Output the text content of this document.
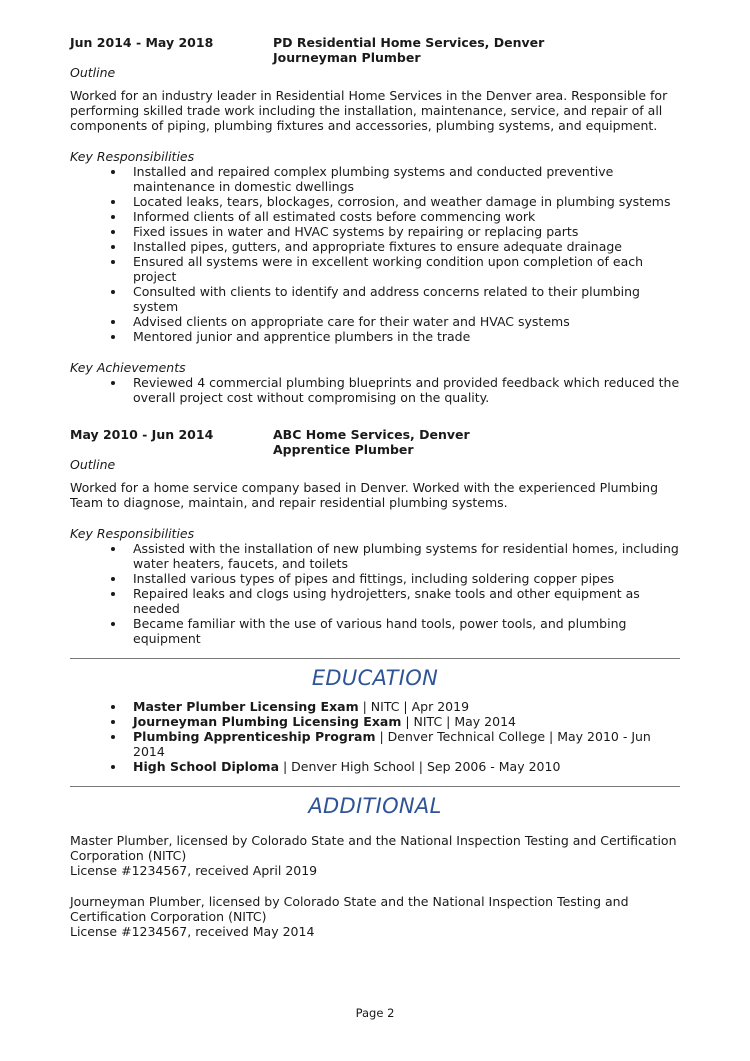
Jun 2014 - May 2018	PD Residential Home Services, Denver
Journeyman Plumber
Outline

Worked for an industry leader in Residential Home Services in the Denver area. Responsible for performing skilled trade work including the installation, maintenance, service, and repair of all components of piping, plumbing fixtures and accessories, plumbing systems, and equipment.

Key Responsibilities
Installed and repaired complex plumbing systems and conducted preventive maintenance in domestic dwellings
Located leaks, tears, blockages, corrosion, and weather damage in plumbing systems
Informed clients of all estimated costs before commencing work
Fixed issues in water and HVAC systems by repairing or replacing parts
Installed pipes, gutters, and appropriate fixtures to ensure adequate drainage
Ensured all systems were in excellent working condition upon completion of each project
Consulted with clients to identify and address concerns related to their plumbing system
Advised clients on appropriate care for their water and HVAC systems
Mentored junior and apprentice plumbers in the trade
Key Achievements
Reviewed 4 commercial plumbing blueprints and provided feedback which reduced the overall project cost without compromising on the quality.
May 2010 - Jun 2014	ABC Home Services, Denver
Apprentice Plumber
Outline

Worked for a home service company based in Denver. Worked with the experienced Plumbing Team to diagnose, maintain, and repair residential plumbing systems.

Key Responsibilities
Assisted with the installation of new plumbing systems for residential homes, including water heaters, faucets, and toilets
Installed various types of pipes and fittings, including soldering copper pipes
Repaired leaks and clogs using hydrojetters, snake tools and other equipment as needed
Became familiar with the use of various hand tools, power tools, and plumbing equipment
EDUCATION
Master Plumber Licensing Exam | NITC | Apr 2019
Journeyman Plumbing Licensing Exam | NITC | May 2014
Plumbing Apprenticeship Program | Denver Technical College | May 2010 - Jun 2014
High School Diploma | Denver High School | Sep 2006 - May 2010
ADDITIONAL

Master Plumber, licensed by Colorado State and the National Inspection Testing and Certification Corporation (NITC)

License #1234567, received April 2019

Journeyman Plumber, licensed by Colorado State and the National Inspection Testing and Certification Corporation (NITC)

License #1234567, received May 2014

Page 2
